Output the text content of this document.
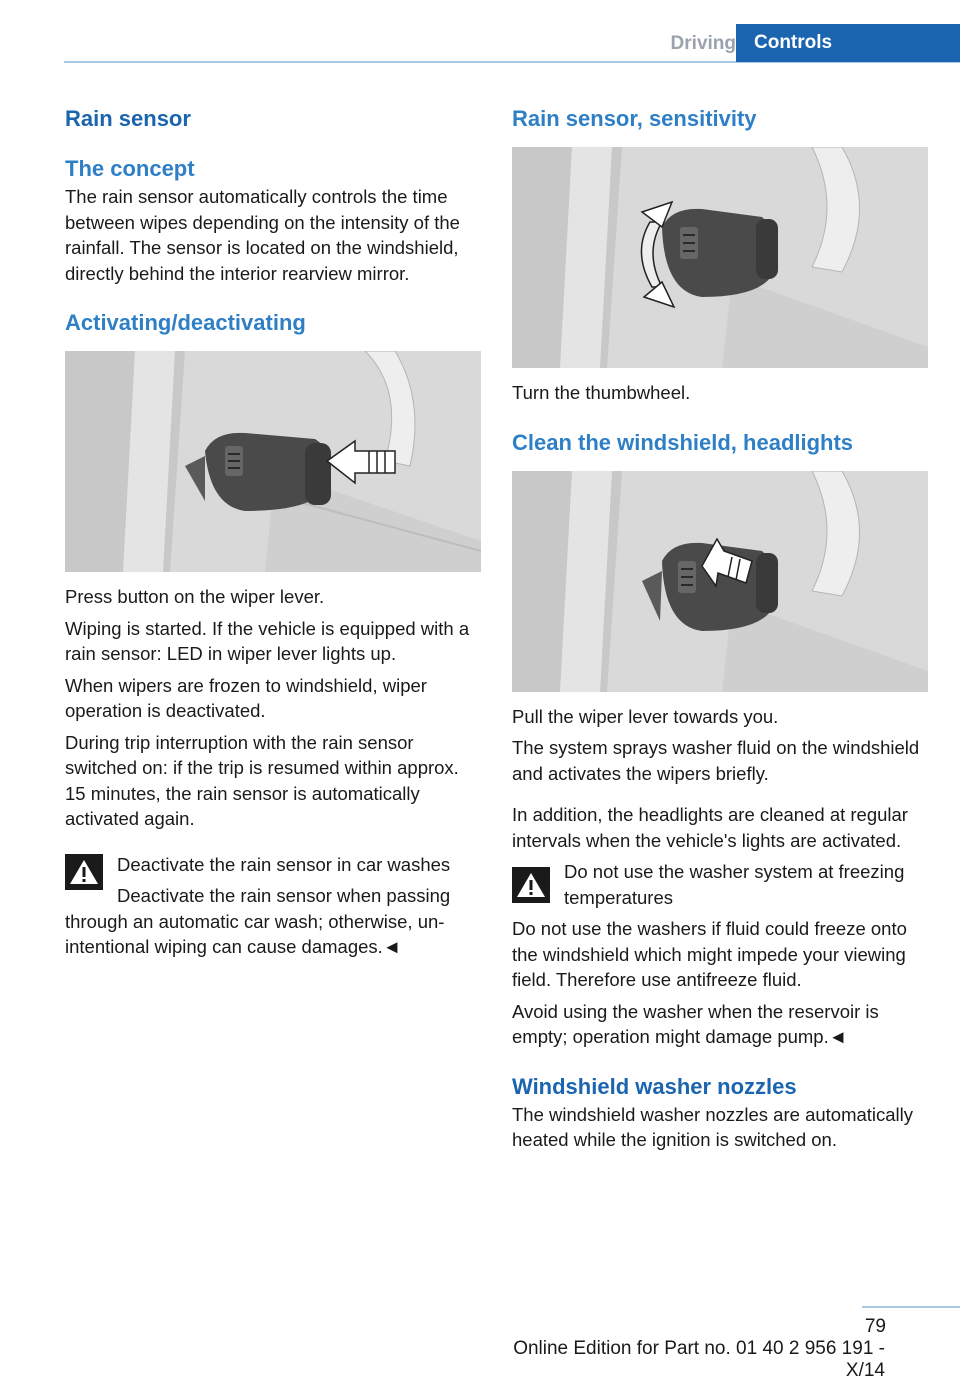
Driving Controls
Rain sensor
The concept

The rain sensor automatically controls the time between wipes depending on the intensity of the rainfall. The sensor is located on the windshield, directly behind the interior rearview mirror.

Activating/deactivating

Press button on the wiper lever.

Wiping is started. If the vehicle is equipped with a rain sensor: LED in wiper lever lights up.

When wipers are frozen to windshield, wiper operation is deactivated.

During trip interruption with the rain sensor switched on: if the trip is resumed within approx. 15 minutes, the rain sensor is automatically activated again.

Deactivate the rain sensor in car washes

Deactivate the rain sensor when passing through an automatic car wash; otherwise, unintentional wiping can cause damages.◄

Rain sensor, sensitivity

Turn the thumbwheel.

Clean the windshield, headlights

Pull the wiper lever towards you.

The system sprays washer fluid on the windshield and activates the wipers briefly.

In addition, the headlights are cleaned at regular intervals when the vehicle's lights are activated.

Do not use the washer system at freezing temperatures

Do not use the washers if fluid could freeze onto the windshield which might impede your viewing field. Therefore use antifreeze fluid.

Avoid using the washer when the reservoir is empty; operation might damage pump.◄

Windshield washer nozzles

The windshield washer nozzles are automatically heated while the ignition is switched on.

79
Online Edition for Part no. 01 40 2 956 191 - X/14
